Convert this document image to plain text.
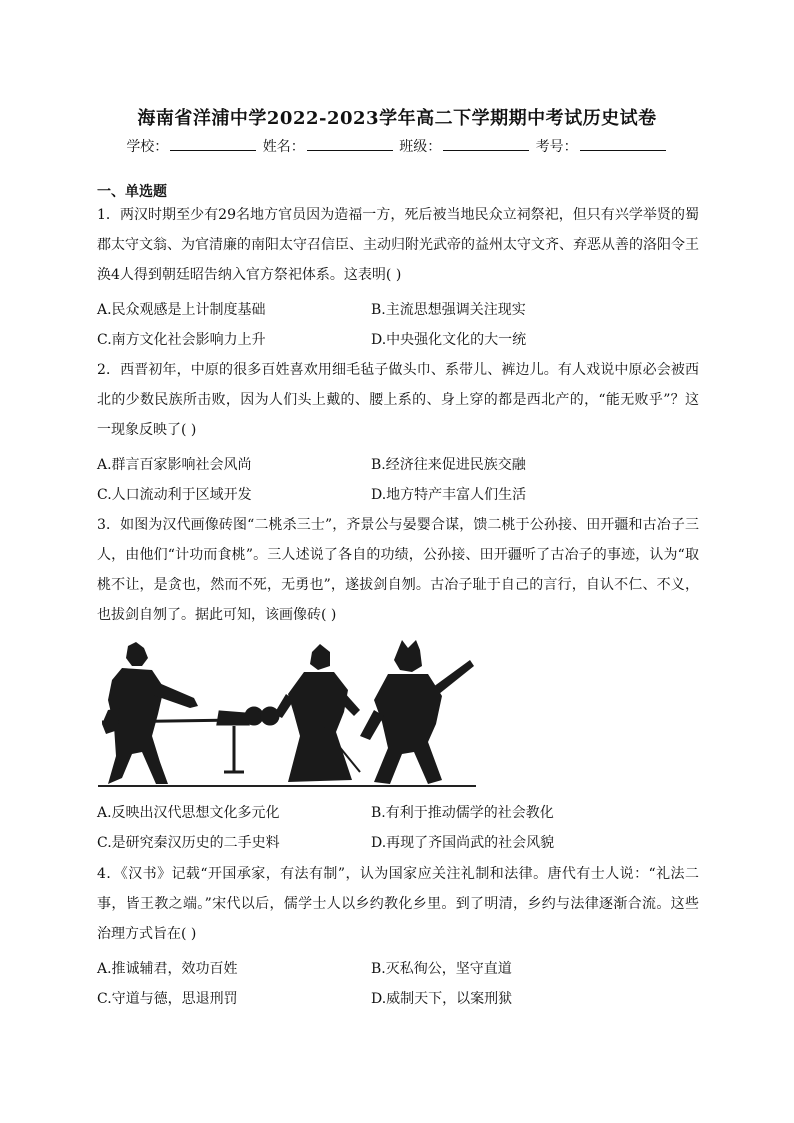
海南省洋浦中学2022-2023学年高二下学期期中考试历史试卷
学校：	姓名：	班级：	考号：
一、单选题
1．两汉时期至少有29名地方官员因为造福一方，死后被当地民众立祠祭祀，但只有兴学举贤的蜀郡太守文翁、为官清廉的南阳太守召信臣、主动归附光武帝的益州太守文齐、弃恶从善的洛阳令王涣4人得到朝廷昭告纳入官方祭祀体系。这表明( )
A.民众观感是上计制度基础	B.主流思想强调关注现实
C.南方文化社会影响力上升	D.中央强化文化的大一统
2．西晋初年，中原的很多百姓喜欢用细毛毡子做头巾、系带儿、裤边儿。有人戏说中原必会被西北的少数民族所击败，因为人们头上戴的、腰上系的、身上穿的都是西北产的，“能无败乎”？这一现象反映了( )
A.群言百家影响社会风尚	B.经济往来促进民族交融
C.人口流动利于区域开发	D.地方特产丰富人们生活
3．如图为汉代画像砖图“二桃杀三士”，齐景公与晏婴合谋，馈二桃于公孙接、田开疆和古冶子三人，由他们“计功而食桃”。三人述说了各自的功绩，公孙接、田开疆听了古冶子的事迹，认为“取桃不让，是贪也，然而不死，无勇也”，遂拔剑自刎。古冶子耻于自己的言行，自认不仁、不义，也拔剑自刎了。据此可知，该画像砖( )
A.反映出汉代思想文化多元化	B.有利于推动儒学的社会教化
C.是研究秦汉历史的二手史料	D.再现了齐国尚武的社会风貌
4．《汉书》记载“开国承家，有法有制”，认为国家应关注礼制和法律。唐代有士人说：“礼法二事，皆王教之端。”宋代以后，儒学士人以乡约教化乡里。到了明清，乡约与法律逐渐合流。这些治理方式旨在( )
A.推诚辅君，效功百姓	B.灭私徇公，坚守直道
C.守道与德，思退刑罚	D.威制天下，以案刑狱
